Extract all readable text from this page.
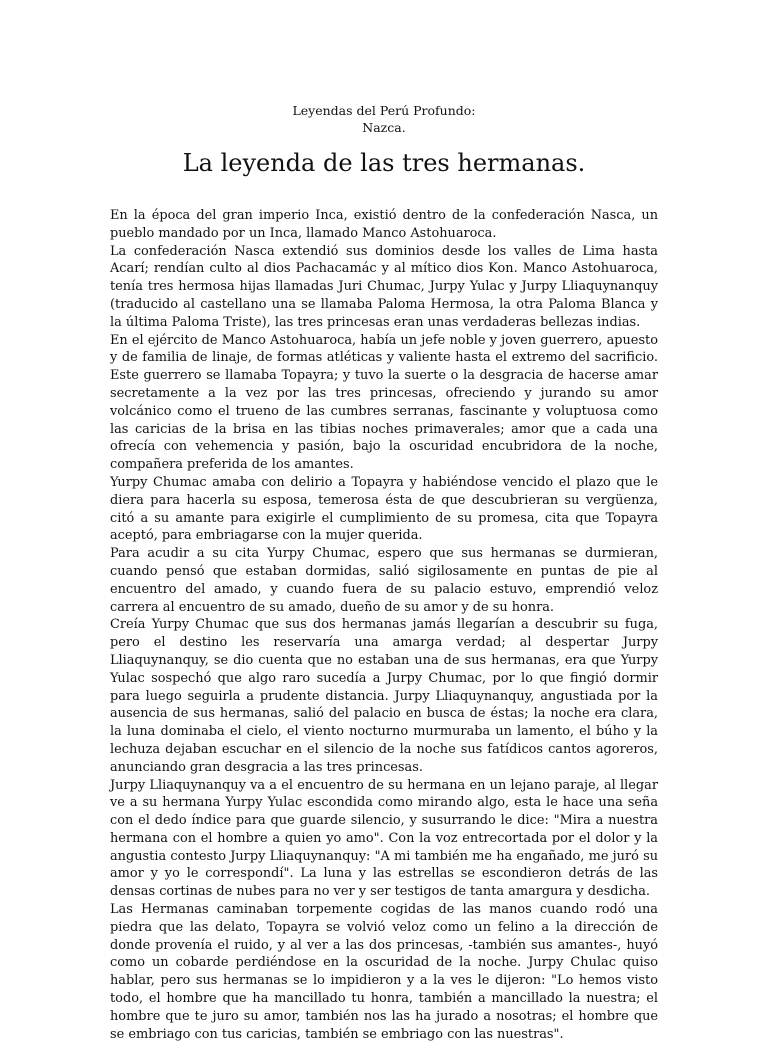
Leyendas del Perú Profundo:
Nazca.
La leyenda de las tres hermanas.

En la época del gran imperio Inca, existió dentro de la confederación Nasca, un pueblo mandado por un Inca, llamado Manco Astohuaroca.

La confederación Nasca extendió sus dominios desde los valles de Lima hasta Acarí; rendían culto al dios Pachacamác y al mítico dios Kon. Manco Astohuaroca, tenía tres hermosa hijas llamadas Juri Chumac, Jurpy Yulac y Jurpy Lliaquynanquy (traducido al castellano una se llamaba Paloma Hermosa, la otra Paloma Blanca y la última Paloma Triste), las tres princesas eran unas verdaderas bellezas indias.

En el ejército de Manco Astohuaroca, había un jefe noble y joven guerrero, apuesto y de familia de linaje, de formas atléticas y valiente hasta el extremo del sacrificio. Este guerrero se llamaba Topayra; y tuvo la suerte o la desgracia de hacerse amar secretamente a la vez por las tres princesas, ofreciendo y jurando su amor volcánico como el trueno de las cumbres serranas, fascinante y voluptuosa como las caricias de la brisa en las tibias noches primaverales; amor que a cada una ofrecía con vehemencia y pasión, bajo la oscuridad encubridora de la noche, compañera preferida de los amantes.

Yurpy Chumac amaba con delirio a Topayra y habiéndose vencido el plazo que le diera para hacerla su esposa, temerosa ésta de que descubrieran su vergüenza, citó a su amante para exigirle el cumplimiento de su promesa, cita que Topayra aceptó, para embriagarse con la mujer querida.

Para acudir a su cita Yurpy Chumac, espero que sus hermanas se durmieran, cuando pensó que estaban dormidas, salió sigilosamente en puntas de pie al encuentro del amado, y cuando fuera de su palacio estuvo, emprendió veloz carrera al encuentro de su amado, dueño de su amor y de su honra.

Creía Yurpy Chumac que sus dos hermanas jamás llegarían a descubrir su fuga, pero el destino les reservaría una amarga verdad; al despertar Jurpy Lliaquynanquy, se dio cuenta que no estaban una de sus hermanas, era que Yurpy Yulac sospechó que algo raro sucedía a Jurpy Chumac, por lo que fingió dormir para luego seguirla a prudente distancia. Jurpy Lliaquynanquy, angustiada por la ausencia de sus hermanas, salió del palacio en busca de éstas; la noche era clara, la luna dominaba el cielo, el viento nocturno murmuraba un lamento, el búho y la lechuza dejaban escuchar en el silencio de la noche sus fatídicos cantos agoreros, anunciando gran desgracia a las tres princesas.

Jurpy Lliaquynanquy va a el encuentro de su hermana en un lejano paraje, al llegar ve a su hermana Yurpy Yulac escondida como mirando algo, esta le hace una seña con el dedo índice para que guarde silencio, y susurrando le dice: "Mira a nuestra hermana con el hombre a quien yo amo". Con la voz entrecortada por el dolor y la angustia contesto Jurpy Lliaquynanquy: "A mi también me ha engañado, me juró su amor y yo le correspondí". La luna y las estrellas se escondieron detrás de las densas cortinas de nubes para no ver y ser testigos de tanta amargura y desdicha.

Las Hermanas caminaban torpemente cogidas de las manos cuando rodó una piedra que las delato, Topayra se volvió veloz como un felino a la dirección de donde provenía el ruido, y al ver a las dos princesas, -también sus amantes-, huyó como un cobarde perdiéndose en la oscuridad de la noche. Jurpy Chulac quiso hablar, pero sus hermanas se lo impidieron y a la ves le dijeron: "Lo hemos visto todo, el hombre que ha mancillado tu honra, también a mancillado la nuestra; el hombre que te juro su amor, también nos las ha jurado a nosotras; el hombre que se embriago con tus caricias, también se embriago con las nuestras".
